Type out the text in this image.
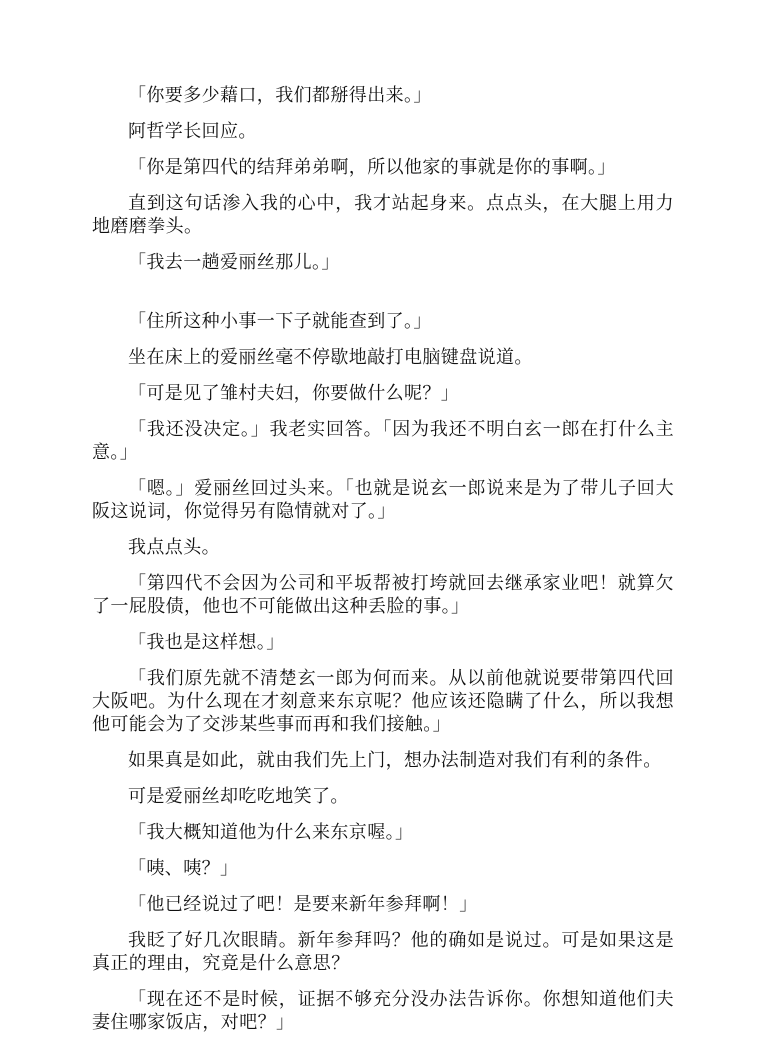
「你要多少藉口，我们都掰得出来。」

阿哲学长回应。

「你是第四代的结拜弟弟啊，所以他家的事就是你的事啊。」

直到这句话渗入我的心中，我才站起身来。点点头，在大腿上用力地磨磨拳头。

「我去一趟爱丽丝那儿。」

「住所这种小事一下子就能查到了。」

坐在床上的爱丽丝毫不停歇地敲打电脑键盘说道。

「可是见了雏村夫妇，你要做什么呢？」

「我还没决定。」我老实回答。「因为我还不明白玄一郎在打什么主意。」

「嗯。」爱丽丝回过头来。「也就是说玄一郎说来是为了带儿子回大阪这说词，你觉得另有隐情就对了。」

我点点头。

「第四代不会因为公司和平坂帮被打垮就回去继承家业吧！就算欠了一屁股债，他也不可能做出这种丢脸的事。」

「我也是这样想。」

「我们原先就不清楚玄一郎为何而来。从以前他就说要带第四代回大阪吧。为什么现在才刻意来东京呢？他应该还隐瞒了什么，所以我想他可能会为了交涉某些事而再和我们接触。」

如果真是如此，就由我们先上门，想办法制造对我们有利的条件。

可是爱丽丝却吃吃地笑了。

「我大概知道他为什么来东京喔。」

「咦、咦？」

「他已经说过了吧！是要来新年参拜啊！」

我眨了好几次眼睛。新年参拜吗？他的确如是说过。可是如果这是真正的理由，究竟是什么意思？

「现在还不是时候，证据不够充分没办法告诉你。你想知道他们夫妻住哪家饭店，对吧？」
